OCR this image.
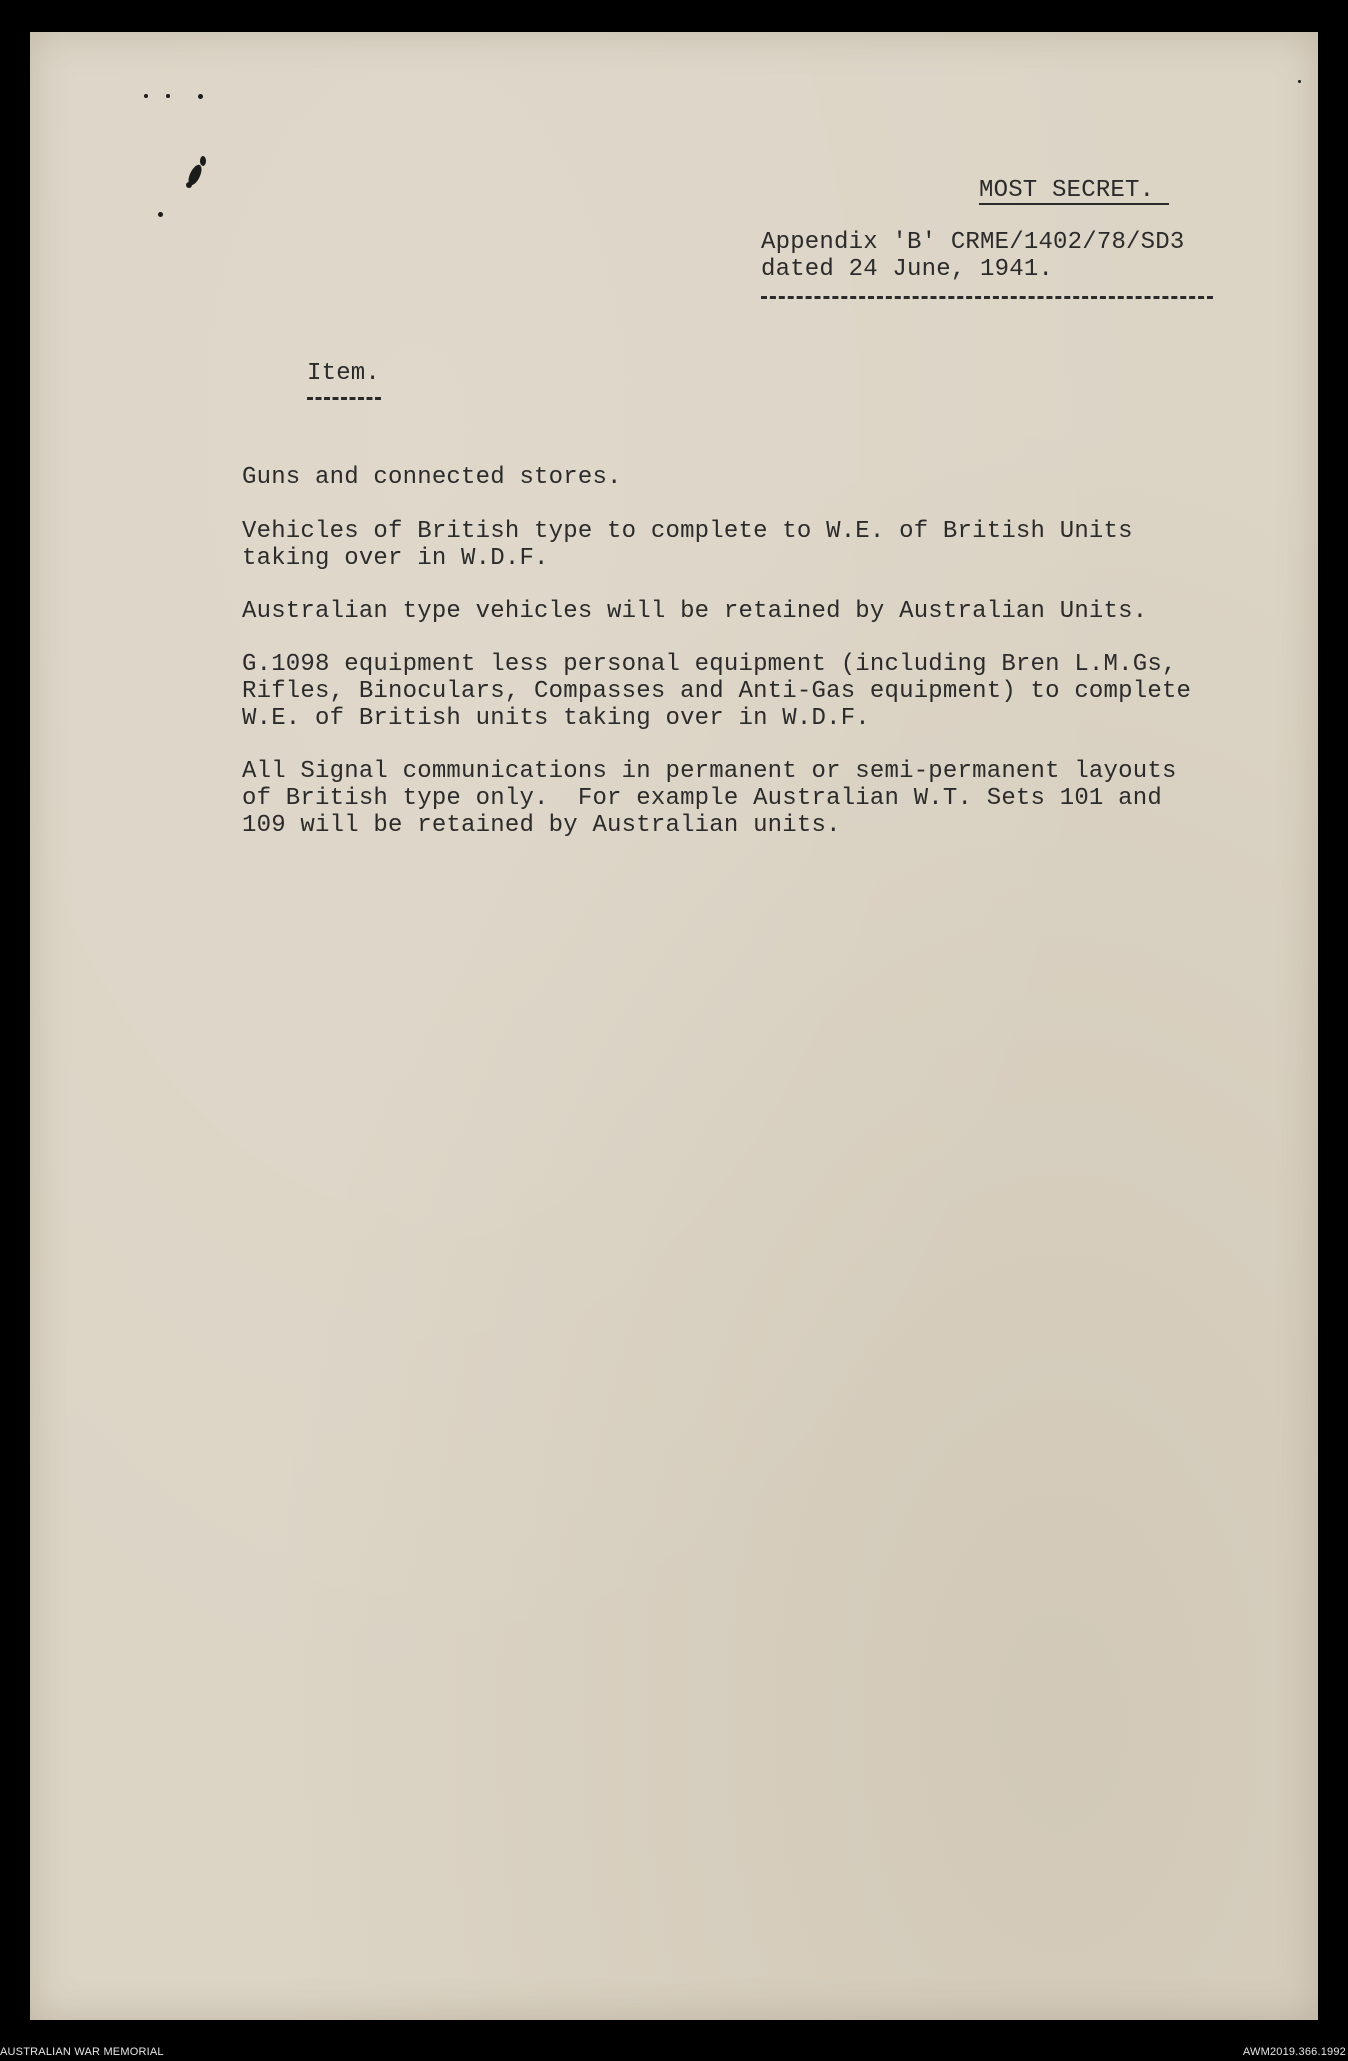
MOST SECRET.
Appendix 'B' CRME/1402/78/SD3
dated 24 June, 1941.
Item.
Guns and connected stores.
Vehicles of British type to complete to W.E. of British Units
taking over in W.D.F.
Australian type vehicles will be retained by Australian Units.
G.1098 equipment less personal equipment (including Bren L.M.Gs,
Rifles, Binoculars, Compasses and Anti-Gas equipment) to complete
W.E. of British units taking over in W.D.F.
All Signal communications in permanent or semi-permanent layouts
of British type only.  For example Australian W.T. Sets 101 and
109 will be retained by Australian units.
AUSTRALIAN WAR MEMORIAL	AWM2019.366.1992
